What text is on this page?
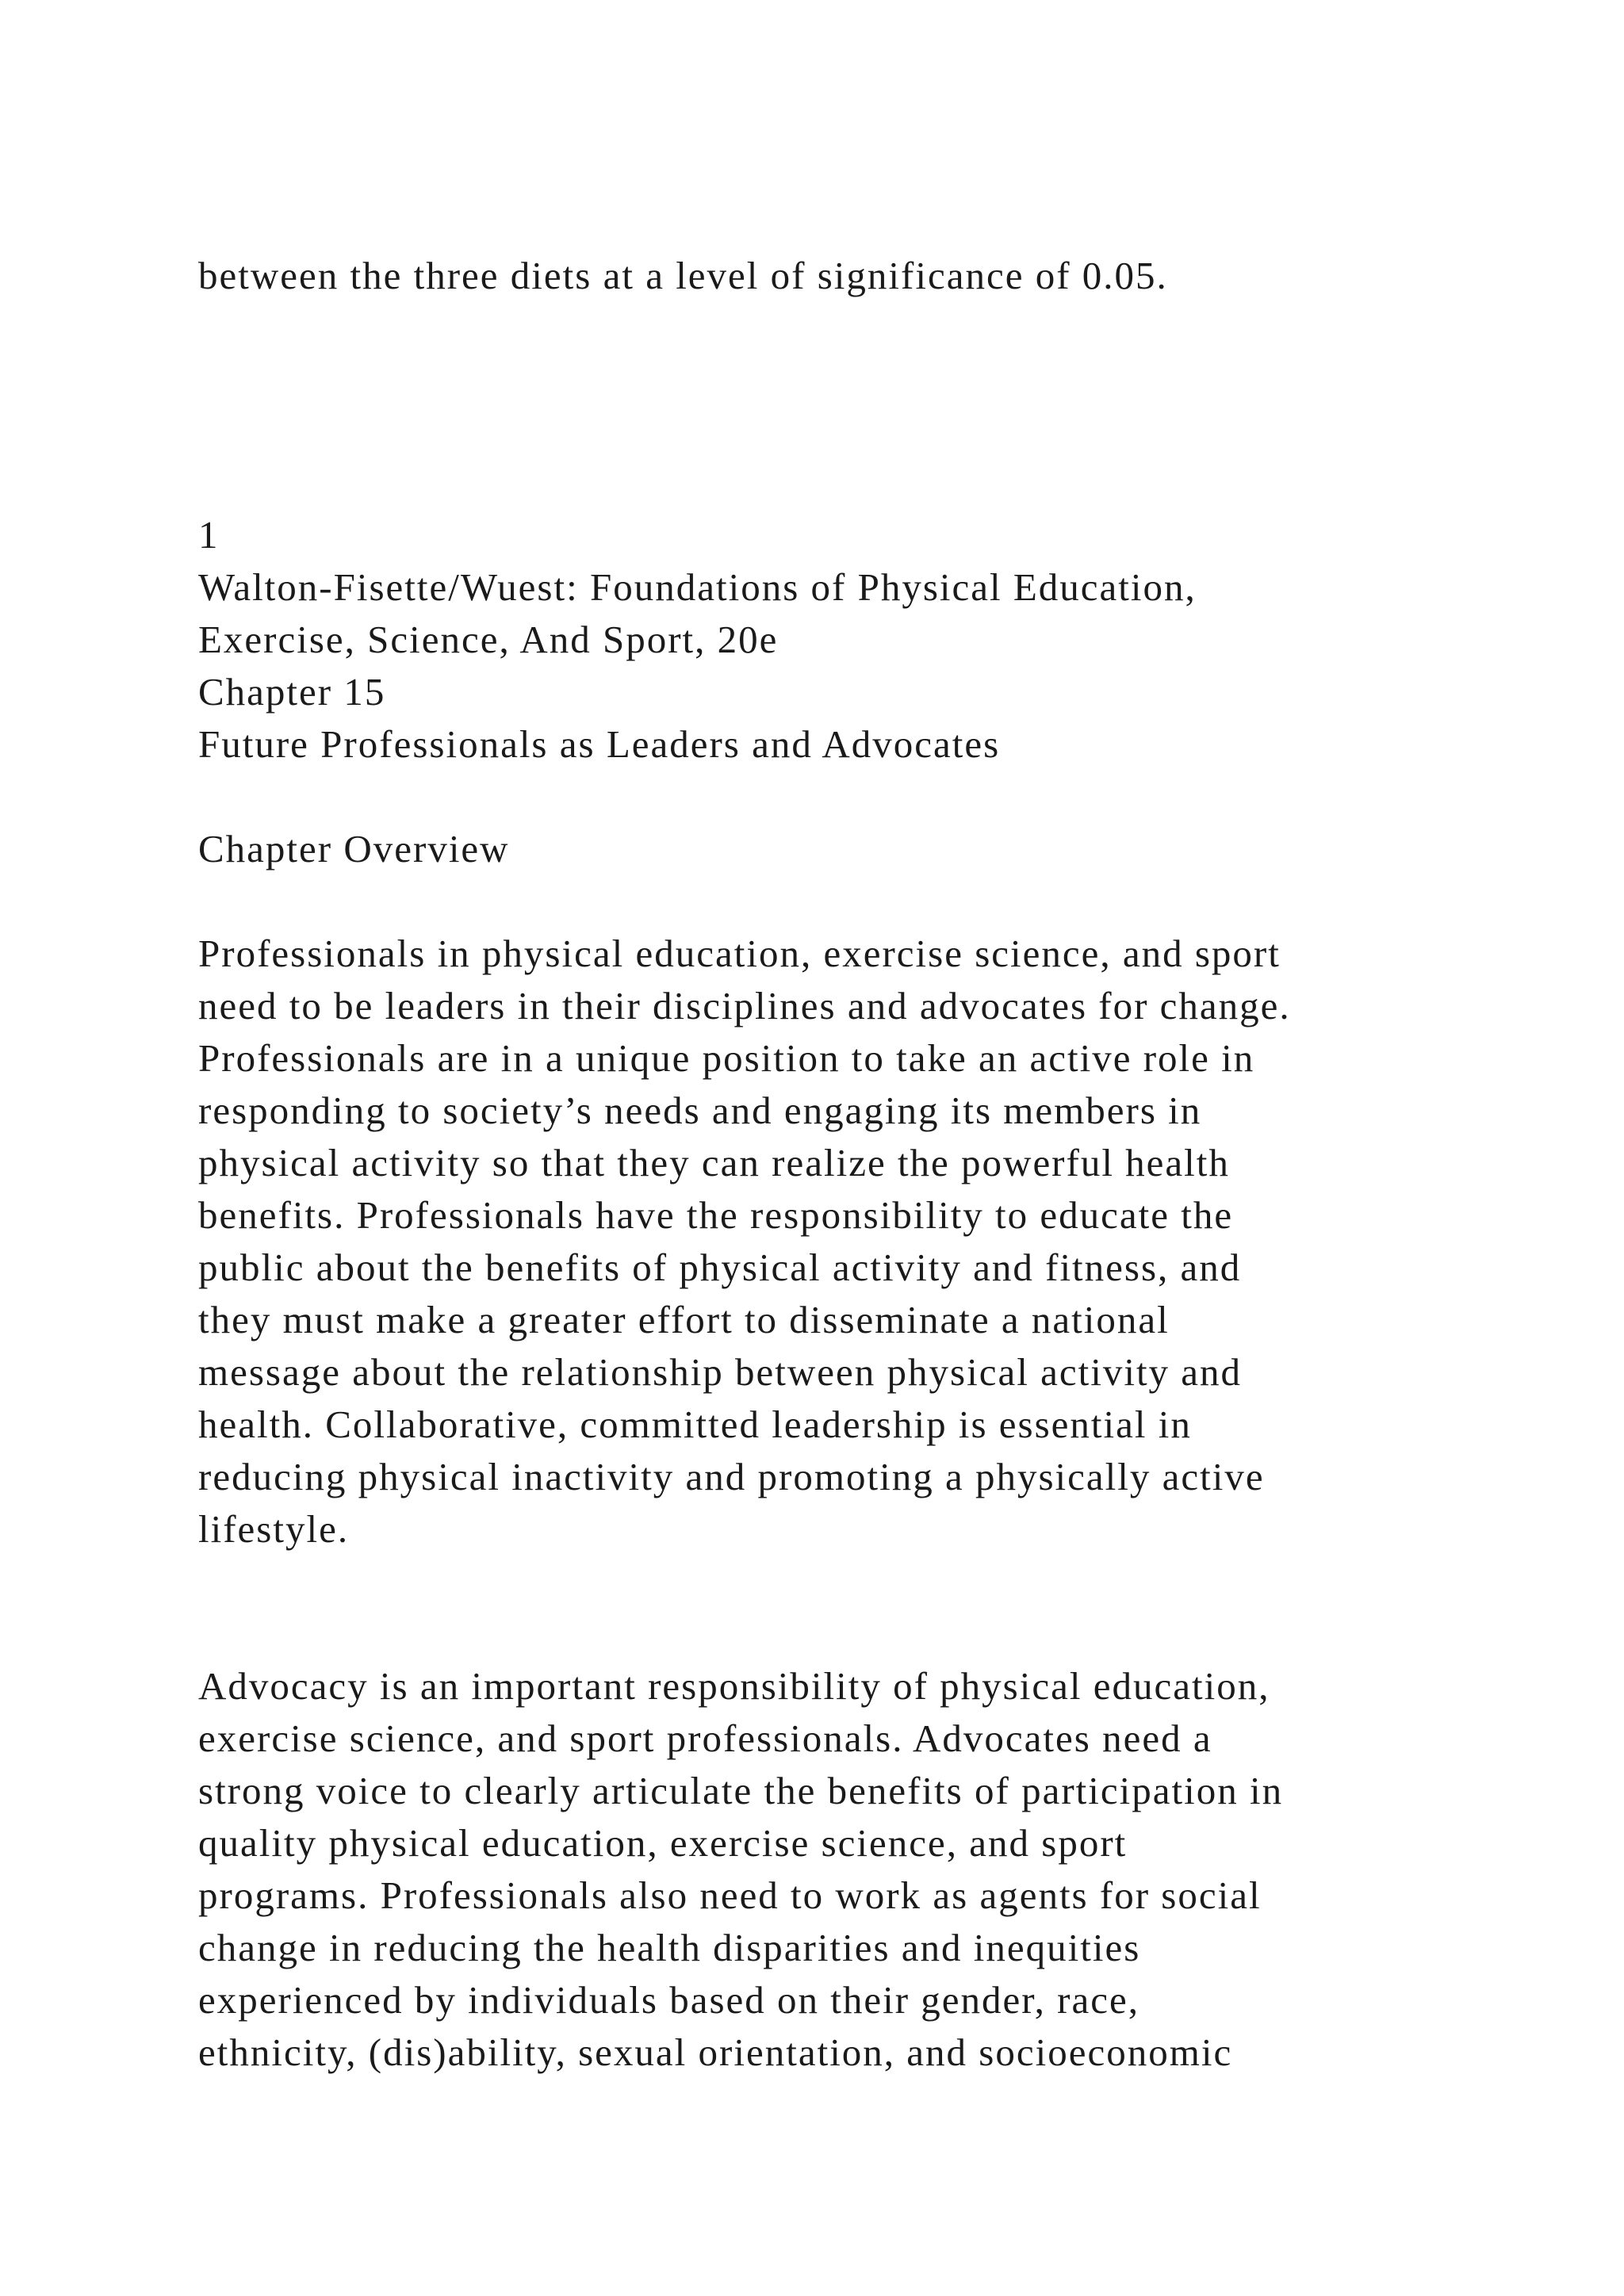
between the three diets at a level of significance of 0.05.
1
Walton-Fisette/Wuest: Foundations of Physical Education,
Exercise, Science, And Sport, 20e
Chapter 15
Future Professionals as Leaders and Advocates
Chapter Overview
Professionals in physical education, exercise science, and sport
need to be leaders in their disciplines and advocates for change.
Professionals are in a unique position to take an active role in
responding to society’s needs and engaging its members in
physical activity so that they can realize the powerful health
benefits. Professionals have the responsibility to educate the
public about the benefits of physical activity and fitness, and
they must make a greater effort to disseminate a national
message about the relationship between physical activity and
health. Collaborative, committed leadership is essential in
reducing physical inactivity and promoting a physically active
lifestyle.
Advocacy is an important responsibility of physical education,
exercise science, and sport professionals. Advocates need a
strong voice to clearly articulate the benefits of participation in
quality physical education, exercise science, and sport
programs. Professionals also need to work as agents for social
change in reducing the health disparities and inequities
experienced by individuals based on their gender, race,
ethnicity, (dis)ability, sexual orientation, and socioeconomic
